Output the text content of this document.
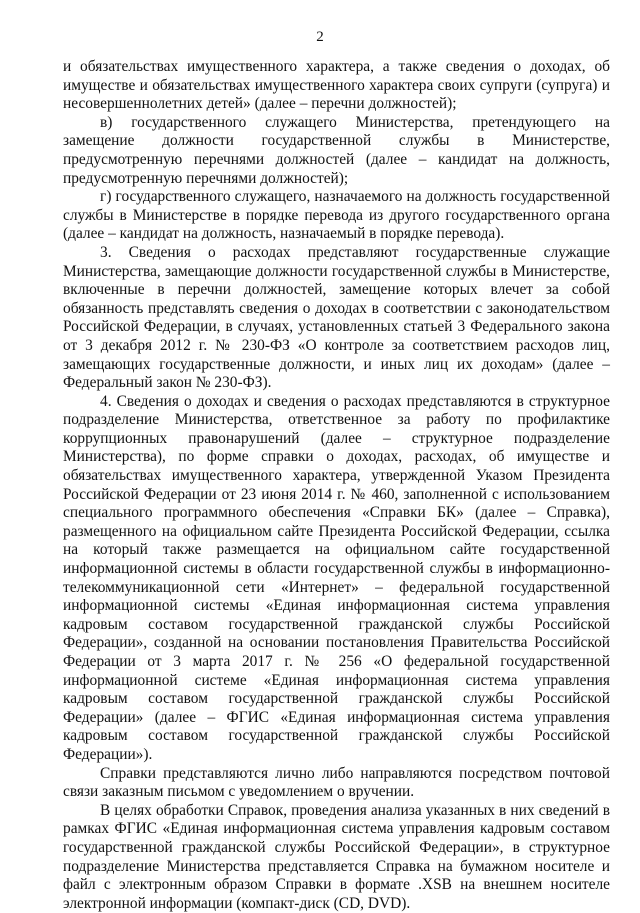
2

и обязательствах имущественного характера, а также сведения о доходах, об имуществе и обязательствах имущественного характера своих супруги (супруга) и несовершеннолетних детей» (далее – перечни должностей);

в) государственного служащего Министерства, претендующего на замещение должности государственной службы в Министерстве, предусмотренную перечнями должностей (далее – кандидат на должность, предусмотренную перечнями должностей);

г) государственного служащего, назначаемого на должность государственной службы в Министерстве в порядке перевода из другого государственного органа (далее – кандидат на должность, назначаемый в порядке перевода).

3. Сведения о расходах представляют государственные служащие Министерства, замещающие должности государственной службы в Министерстве, включенные в перечни должностей, замещение которых влечет за собой обязанность представлять сведения о доходах в соответствии с законодательством Российской Федерации, в случаях, установленных статьей 3 Федерального закона от 3 декабря 2012 г. № 230-ФЗ «О контроле за соответствием расходов лиц, замещающих государственные должности, и иных лиц их доходам» (далее – Федеральный закон № 230-ФЗ).

4. Сведения о доходах и сведения о расходах представляются в структурное подразделение Министерства, ответственное за работу по профилактике коррупционных правонарушений (далее – структурное подразделение Министерства), по форме справки о доходах, расходах, об имуществе и обязательствах имущественного характера, утвержденной Указом Президента Российской Федерации от 23 июня 2014 г. № 460, заполненной с использованием специального программного обеспечения «Справки БК» (далее – Справка), размещенного на официальном сайте Президента Российской Федерации, ссылка на который также размещается на официальном сайте государственной информационной системы в области государственной службы в информационно-телекоммуникационной сети «Интернет» – федеральной государственной информационной системы «Единая информационная система управления кадровым составом государственной гражданской службы Российской Федерации», созданной на основании постановления Правительства Российской Федерации от 3 марта 2017 г. № 256 «О федеральной государственной информационной системе «Единая информационная система управления кадровым составом государственной гражданской службы Российской Федерации» (далее – ФГИС «Единая информационная система управления кадровым составом государственной гражданской службы Российской Федерации»).

Справки представляются лично либо направляются посредством почтовой связи заказным письмом с уведомлением о вручении.

В целях обработки Справок, проведения анализа указанных в них сведений в рамках ФГИС «Единая информационная система управления кадровым составом государственной гражданской службы Российской Федерации», в структурное подразделение Министерства представляется Справка на бумажном носителе и файл с электронным образом Справки в формате .XSB на внешнем носителе электронной информации (компакт-диск (CD, DVD).
